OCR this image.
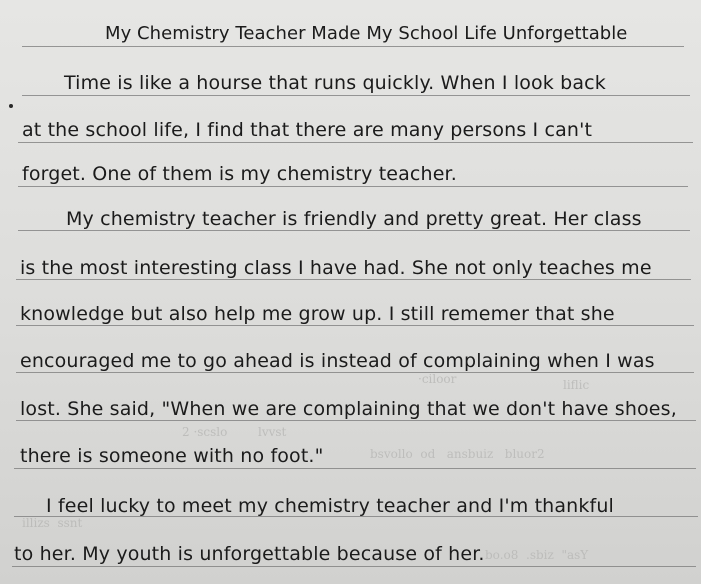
·ciloor	liflic
2 ·scslo	lvvst
bsvollo  od   ansbuiz   bluor2
illizs  ssnt
bo.o8  .sbiz  "asY
My Chemistry Teacher Made My School Life Unforgettable
Time is like a hourse that runs quickly. When I look back
at the school life, I find that there are many persons I can't
forget. One of them is my chemistry teacher.
My chemistry teacher is friendly and pretty great. Her class
is the most interesting class I have had. She not only teaches me
knowledge but also help me grow up. I still rememer that she
encouraged me to go ahead is instead of complaining when I was
lost. She said, "When we are complaining that we don't have shoes,
there is someone with no foot."
I feel lucky to meet my chemistry teacher and I'm thankful
to her. My youth is unforgettable because of her.
